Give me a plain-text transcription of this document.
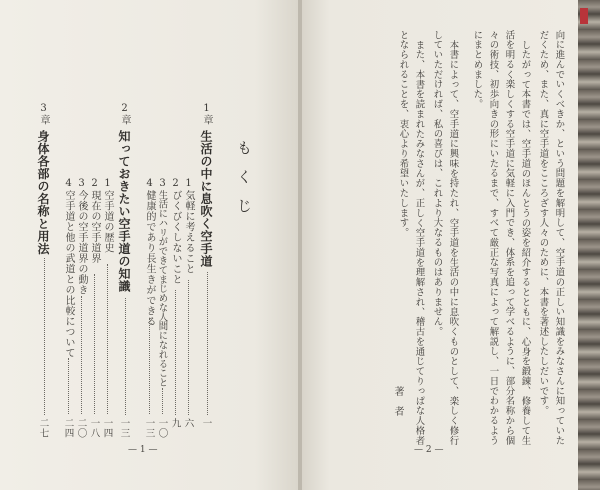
もくじ
1章
生活の中に息吹く空手道
一
1
気軽に考えること
六
2
びくびくしないこと
九
3
生活にハリができてまじめな人間になれること
一〇
4
健康的であり長生きができる
一三
2章
知っておきたい空手道の知識
一三
1
空手道の歴史
一四
2
現在の空手道界
一八
3
今後の空手道界の動き
二〇
4
空手道と他の武道との比較について
二四
3章
身体各部の名称と用法
二七
— 1 —
向に進んでいくべきか、という問題を解明して、空手道の正しい知識をみなさんに知っていた
だくため、また、真に空手道をこころざす人々のために、本書を著述したしだいです。
したがって本書では、空手道のほんとうの姿を紹介するとともに、心身を鍛錬、修養して生
活を明るく楽しくする空手道に気軽に入門でき、体系を追って学べるように、部分名称から個
々の術技、初歩向きの形にいたるまで、すべて厳正な写真によって解説し、一日でわかるよう
にまとめました。
本書によって、空手道に興味を持たれ、空手道を生活の中に息吹くものとして、楽しく修行
していただければ、私の喜びは、これより大なるものはありません。
また、本書を読まれたみなさんが、正しく空手道を理解され、稽古を通じてりっぱな人格者
となられることを、衷心より希望いたします。
著者
— 2 —
